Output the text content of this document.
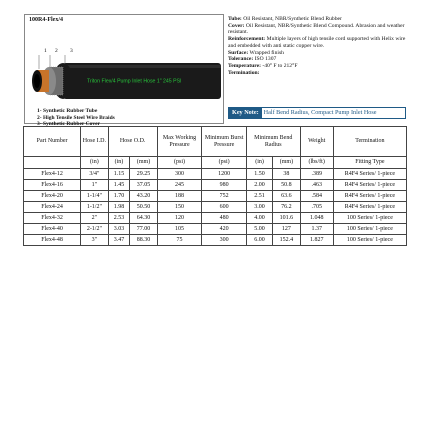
100R4-Flex/4
1 2 3
Triton Flex/4 Pump Inlet Hose 1" 245 PSI
1- Synthetic Rubber Tube
2- High Tensile Steel Wire Braids
3- Synthetic Rubber Cover

Tube: Oil Resistant, NBR/Synthetic Blend Rubber

Cover: Oil Resistant, NBR/Synthetic Blend Compound. Abrasion and weather resistant.

Reinforcement: Multiple layers of high tensile cord supported with Helix wire and embedded with anti static copper wire.

Surface: Wrapped finish

Tolerance: ISO 1307

Temperature: -40° F to 212°F

Termination:

Key Note: Half Bend Radius, Compact Pump Inlet Hose
Part Number	Hose I.D.	Hose O.D.		Max Working Pressure	Minimum Burst Pressure	Minimum Bend Radius		Weight	Termination
	(in)	(in)	(mm)	(psi)	(psi)	(in)	(mm)	(lbs/ft)	Fitting Type
Flex4-12	3/4"	1.15	29.25	300	1200	1.50	38	.389	R4F4 Series/ 1-piece
Flex4-16	1"	1.45	37.05	245	980	2.00	50.8	.463	R4F4 Series/ 1-piece
Flex4-20	1-1/4"	1.70	43.20	188	752	2.51	63.6	.584	R4F4 Series/ 1-piece
Flex4-24	1-1/2"	1.98	50.50	150	600	3.00	76.2	.705	R4F4 Series/ 1-piece
Flex4-32	2"	2.53	64.30	120	480	4.00	101.6	1.048	100 Series/ 1-piece
Flex4-40	2-1/2"	3.03	77.00	105	420	5.00	127	1.37	100 Series/ 1-piece
Flex4-48	3"	3.47	88.30	75	300	6.00	152.4	1.827	100 Series/ 1-piece
